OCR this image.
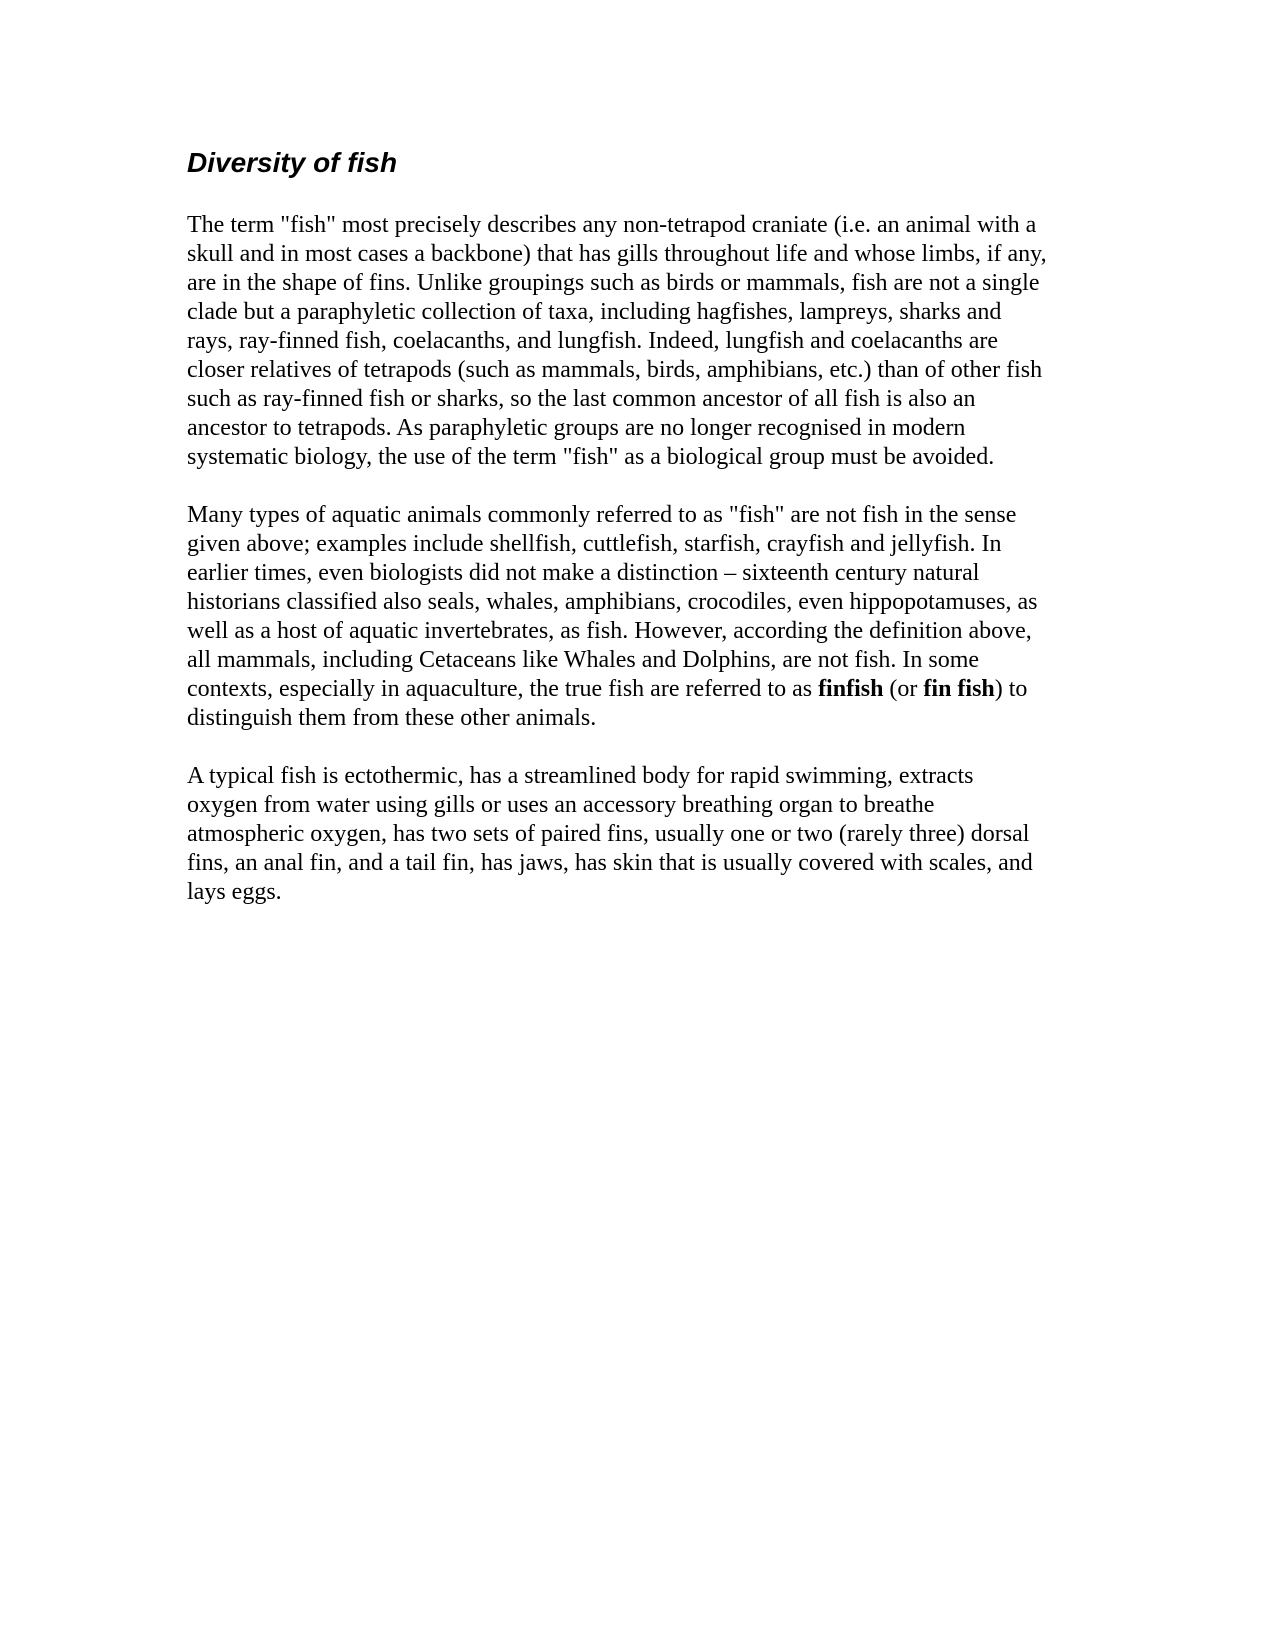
Diversity of fish

The term "fish" most precisely describes any non-tetrapod craniate (i.e. an animal with a
skull and in most cases a backbone) that has gills throughout life and whose limbs, if any,
are in the shape of fins. Unlike groupings such as birds or mammals, fish are not a single
clade but a paraphyletic collection of taxa, including hagfishes, lampreys, sharks and
rays, ray-finned fish, coelacanths, and lungfish. Indeed, lungfish and coelacanths are
closer relatives of tetrapods (such as mammals, birds, amphibians, etc.) than of other fish
such as ray-finned fish or sharks, so the last common ancestor of all fish is also an
ancestor to tetrapods. As paraphyletic groups are no longer recognised in modern
systematic biology, the use of the term "fish" as a biological group must be avoided.

Many types of aquatic animals commonly referred to as "fish" are not fish in the sense
given above; examples include shellfish, cuttlefish, starfish, crayfish and jellyfish. In
earlier times, even biologists did not make a distinction – sixteenth century natural
historians classified also seals, whales, amphibians, crocodiles, even hippopotamuses, as
well as a host of aquatic invertebrates, as fish. However, according the definition above,
all mammals, including Cetaceans like Whales and Dolphins, are not fish. In some
contexts, especially in aquaculture, the true fish are referred to as finfish (or fin fish) to
distinguish them from these other animals.

A typical fish is ectothermic, has a streamlined body for rapid swimming, extracts
oxygen from water using gills or uses an accessory breathing organ to breathe
atmospheric oxygen, has two sets of paired fins, usually one or two (rarely three) dorsal
fins, an anal fin, and a tail fin, has jaws, has skin that is usually covered with scales, and
lays eggs.
